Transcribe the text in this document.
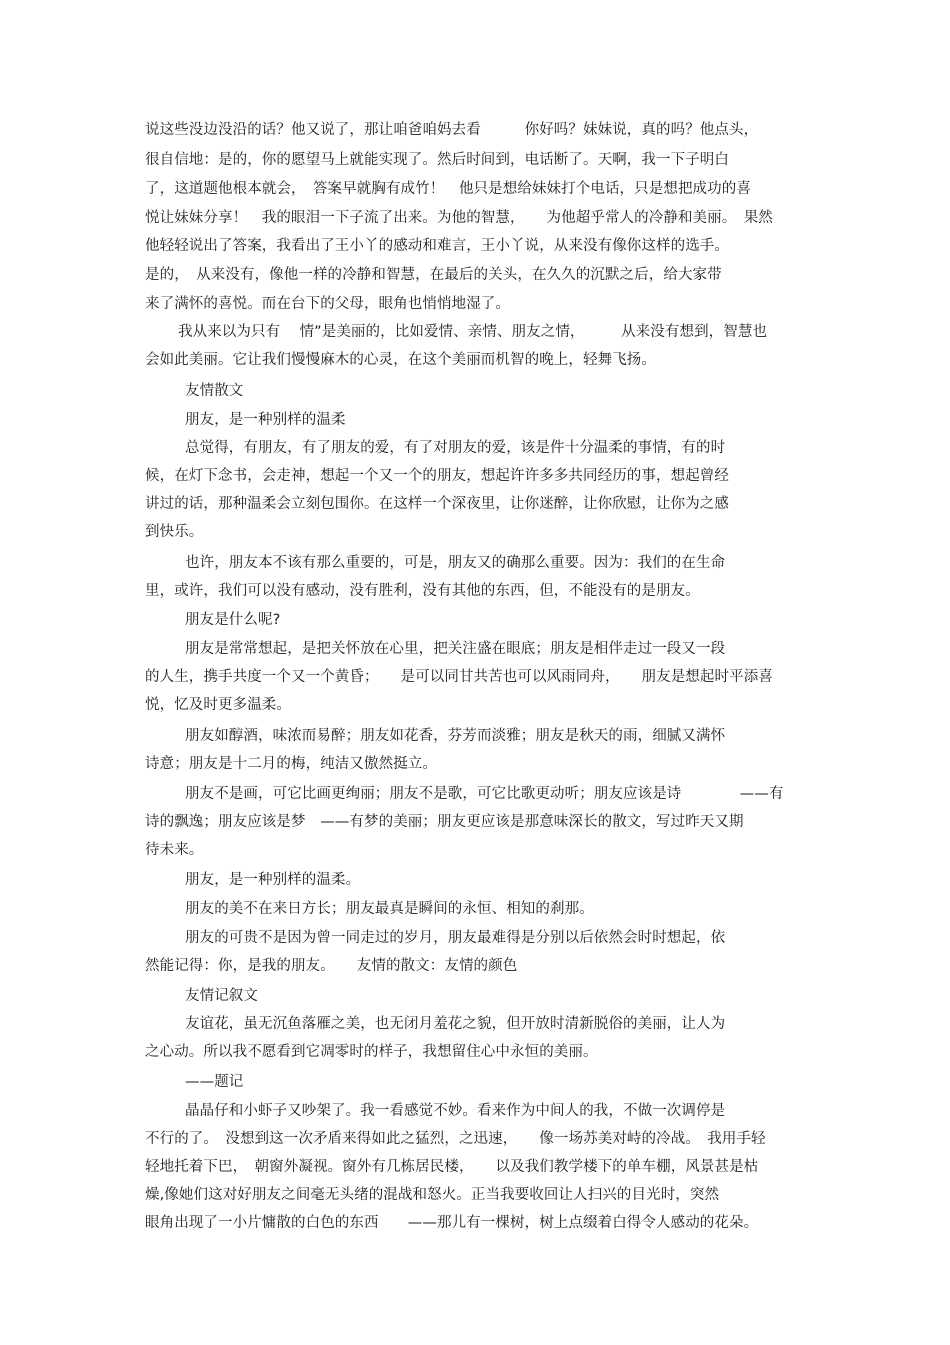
说这些没边没沿的话？他又说了，那让咱爸咱妈去看　　　你好吗？妹妹说，真的吗？他点头，

很自信地：是的，你的愿望马上就能实现了。然后时间到，电话断了。天啊，我一下子明白

了，这道题他根本就会，　答案早就胸有成竹！　他只是想给妹妹打个电话，只是想把成功的喜

悦让妹妹分享！　我的眼泪一下子流了出来。为他的智慧，　　为他超乎常人的冷静和美丽。　果然

他轻轻说出了答案，我看出了王小丫的感动和难言，王小丫说，从来没有像你这样的选手。

是的，　从来没有，像他一样的冷静和智慧，在最后的关头，在久久的沉默之后，给大家带

来了满怀的喜悦。而在台下的父母，眼角也悄悄地湿了。

我从来以为只有　 情”是美丽的，比如爱情、亲情、朋友之情，　　　从来没有想到，智慧也

会如此美丽。它让我们慢慢麻木的心灵，在这个美丽而机智的晚上，轻舞飞扬。

友情散文

朋友，是一种别样的温柔

总觉得，有朋友，有了朋友的爱，有了对朋友的爱，该是件十分温柔的事情，有的时

候，在灯下念书，会走神，想起一个又一个的朋友，想起许许多多共同经历的事，想起曾经

讲过的话，那种温柔会立刻包围你。在这样一个深夜里，让你迷醉，让你欣慰，让你为之感

到快乐。

也许，朋友本不该有那么重要的，可是，朋友又的确那么重要。因为：我们的在生命

里，或许，我们可以没有感动，没有胜利，没有其他的东西，但，不能没有的是朋友。

朋友是什么呢?

朋友是常常想起，是把关怀放在心里，把关注盛在眼底；朋友是相伴走过一段又一段

的人生，携手共度一个又一个黄昏；　　是可以同甘共苦也可以风雨同舟，　　朋友是想起时平添喜

悦，忆及时更多温柔。

朋友如醇酒，味浓而易醉；朋友如花香，芬芳而淡雅；朋友是秋天的雨，细腻又满怀

诗意；朋友是十二月的梅，纯洁又傲然挺立。

朋友不是画，可它比画更绚丽；朋友不是歌，可它比歌更动听；朋友应该是诗　　　　——有

诗的飘逸；朋友应该是梦　——有梦的美丽；朋友更应该是那意味深长的散文，写过昨天又期

待未来。

朋友，是一种别样的温柔。

朋友的美不在来日方长；朋友最真是瞬间的永恒、相知的刹那。

朋友的可贵不是因为曾一同走过的岁月，朋友最难得是分别以后依然会时时想起，依

然能记得：你，是我的朋友。　　友情的散文：友情的颜色

友情记叙文

友谊花，虽无沉鱼落雁之美，也无闭月羞花之貌，但开放时清新脱俗的美丽，让人为

之心动。所以我不愿看到它凋零时的样子，我想留住心中永恒的美丽。

——题记

晶晶仔和小虾子又吵架了。我一看感觉不妙。看来作为中间人的我，不做一次调停是

不行的了。　没想到这一次矛盾来得如此之猛烈，之迅速，　　像一场苏美对峙的冷战。　我用手轻

轻地托着下巴，　朝窗外凝视。窗外有几栋居民楼，　　以及我们教学楼下的单车棚，风景甚是枯

燥,像她们这对好朋友之间毫无头绪的混战和怒火。正当我要收回让人扫兴的目光时，突然

眼角出现了一小片慵散的白色的东西　　——那儿有一棵树，树上点缀着白得令人感动的花朵。
